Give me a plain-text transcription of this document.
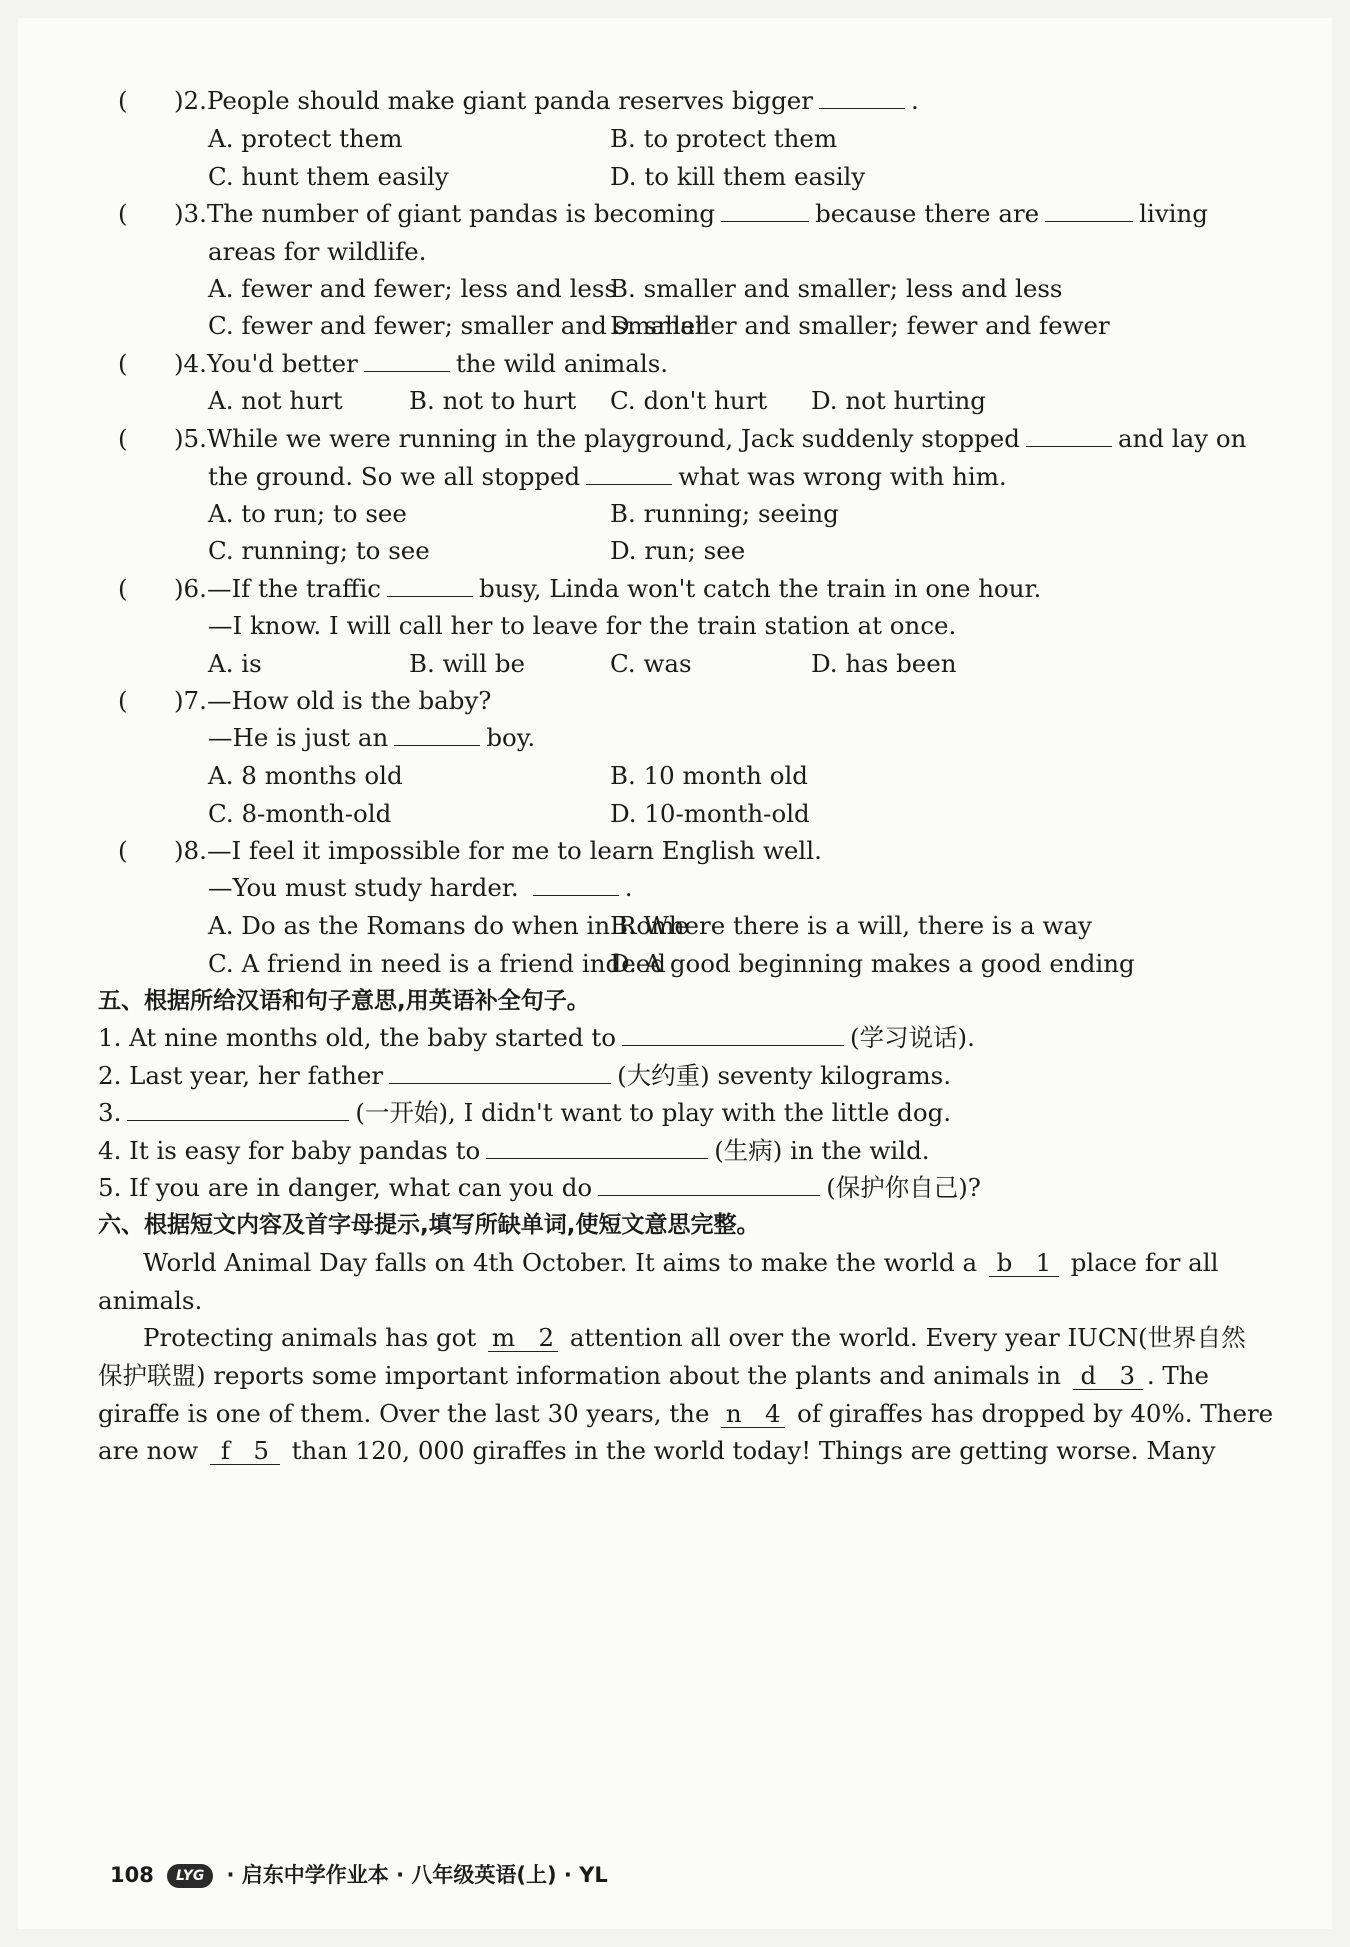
( )2.People should make giant panda reserves bigger	.
A. protect them	B. to protect them
C. hunt them easily	D. to kill them easily
( )3.The number of giant pandas is becoming	because there are	living
areas for wildlife.
A. fewer and fewer; less and less
B. smaller and smaller; less and less
C. fewer and fewer; smaller and smaller
D. smaller and smaller; fewer and fewer
( )4.You'd better	the wild animals.
A. not hurt	B. not to hurt C. don't hurt D. not hurting
( )5.While we were running in the playground, Jack suddenly stopped	and lay on
the ground. So we all stopped	what was wrong with him.
A. to run; to see	B. running; seeing
C. running; to see	D. run; see
( )6.—If the traffic	busy, Linda won't catch the train in one hour.
—I know. I will call her to leave for the train station at once.
A. is	B. will be	C. was	D. has been
( )7.—How old is the baby?
—He is just an	boy.
A. 8 months old	B. 10 month old
C. 8-month-old	D. 10-month-old
( )8.—I feel it impossible for me to learn English well.
—You must study harder.	.
A. Do as the Romans do when in Rome
B. Where there is a will, there is a way
C. A friend in need is a friend indeed
D. A good beginning makes a good ending
五、根据所给汉语和句子意思,用英语补全句子。
1. At nine months old, the baby started to	(学习说话).
2. Last year, her father	(大约重) seventy kilograms.
3.	(一开始), I didn't want to play with the little dog.
4. It is easy for baby pandas to	(生病) in the wild.
5. If you are in danger, what can you do	(保护你自己)?
六、根据短文内容及首字母提示,填写所缺单词,使短文意思完整。
World Animal Day falls on 4th October. It aims to make the world a b 1 place for all
animals.
Protecting animals has got m 2 attention all over the world. Every year IUCN(世界自然
保护联盟) reports some important information about the plants and animals in d 3 . The
giraffe is one of them. Over the last 30 years, the n 4 of giraffes has dropped by 40%. There
are now f 5 than 120, 000 giraffes in the world today! Things are getting worse. Many
108 LYG · 启东中学作业本 · 八年级英语(上) · YL
